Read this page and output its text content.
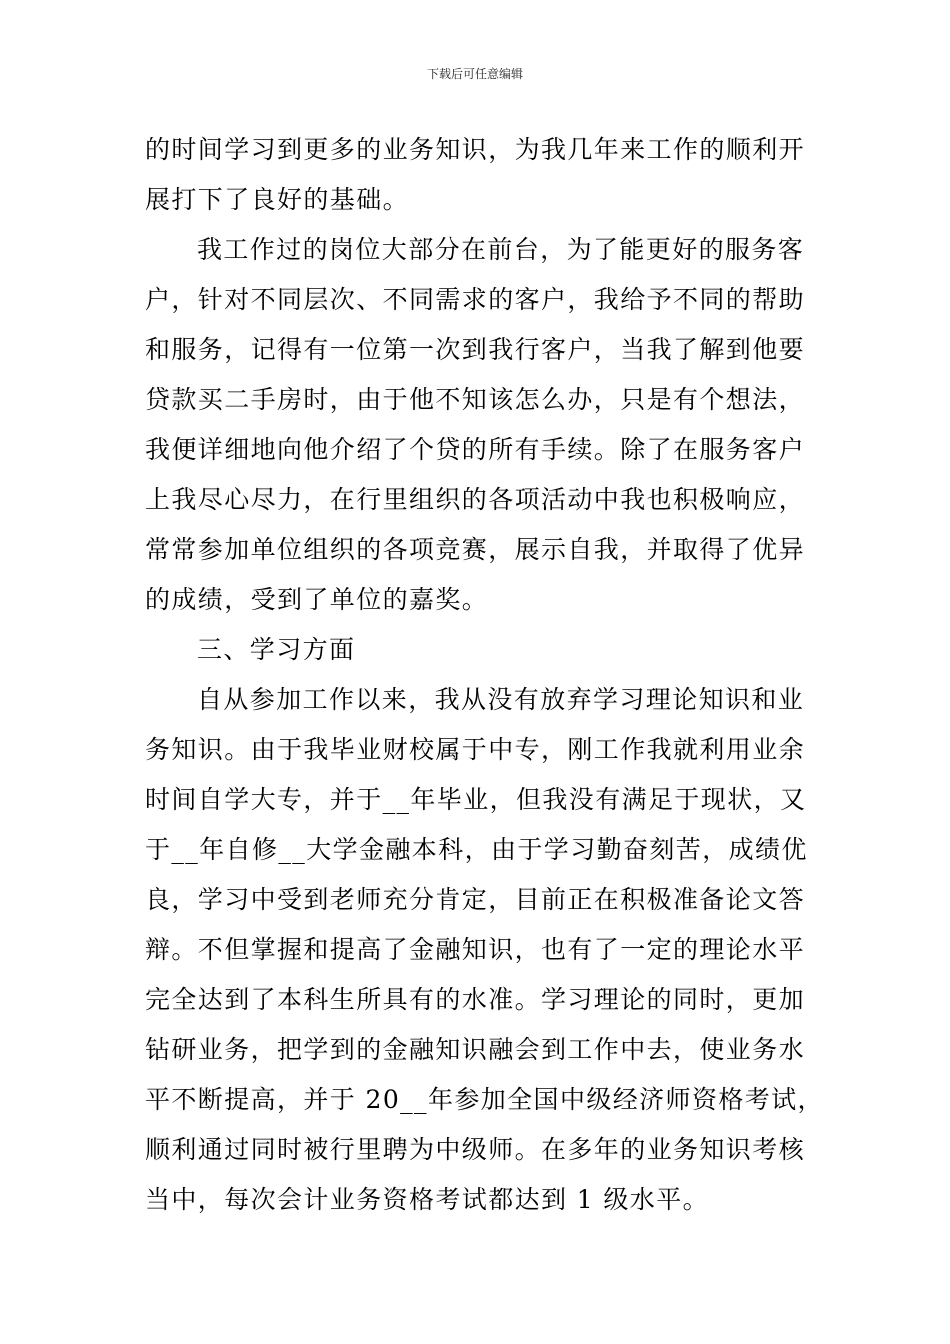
下载后可任意编辑
的时间学习到更多的业务知识，为我几年来工作的顺利开
展打下了良好的基础。
我工作过的岗位大部分在前台，为了能更好的服务客
户，针对不同层次、不同需求的客户，我给予不同的帮助
和服务，记得有一位第一次到我行客户，当我了解到他要
贷款买二手房时，由于他不知该怎么办，只是有个想法，
我便详细地向他介绍了个贷的所有手续。除了在服务客户
上我尽心尽力，在行里组织的各项活动中我也积极响应，
常常参加单位组织的各项竞赛，展示自我，并取得了优异
的成绩，受到了单位的嘉奖。
三、学习方面
自从参加工作以来，我从没有放弃学习理论知识和业
务知识。由于我毕业财校属于中专，刚工作我就利用业余
时间自学大专，并于__年毕业，但我没有满足于现状，又
于__年自修__大学金融本科，由于学习勤奋刻苦，成绩优
良，学习中受到老师充分肯定，目前正在积极准备论文答
辩。不但掌握和提高了金融知识，也有了一定的理论水平
完全达到了本科生所具有的水准。学习理论的同时，更加
钻研业务，把学到的金融知识融会到工作中去，使业务水
平不断提高，并于 20__年参加全国中级经济师资格考试，
顺利通过同时被行里聘为中级师。在多年的业务知识考核
当中，每次会计业务资格考试都达到 1 级水平。
